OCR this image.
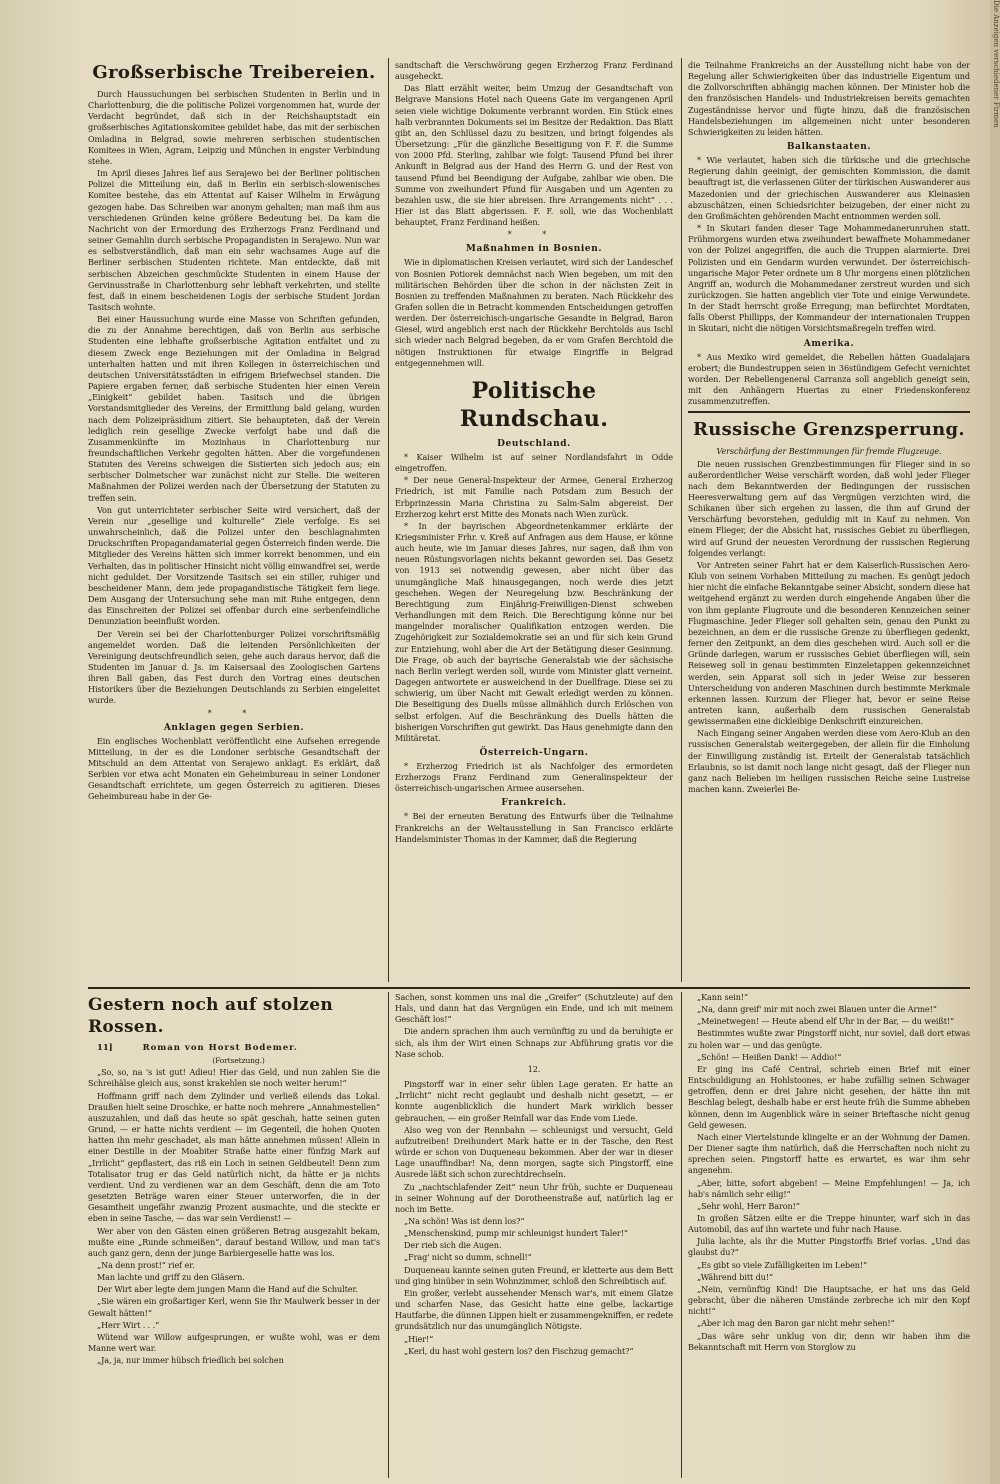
Großserbische Treibereien.

Durch Haussuchungen bei serbischen Studenten in Berlin und in Charlottenburg, die die politische Polizei vorgenommen hat, wurde der Verdacht begründet, daß sich in der Reichshauptstadt ein großserbisches Agitationskomitee gebildet habe, das mit der serbischen Omladina in Belgrad, sowie mehreren serbischen studentischen Komitees in Wien, Agram, Leipzig und München in engster Verbindung stehe.

Im April dieses Jahres lief aus Serajewo bei der Berliner politischen Polizei die Mitteilung ein, daß in Berlin ein serbisch-slowenisches Komitee bestehe, das ein Attentat auf Kaiser Wilhelm in Erwägung gezogen habe. Das Schreiben war anonym gehalten; man maß ihm aus verschiedenen Gründen keine größere Bedeutung bei. Da kam die Nachricht von der Ermordung des Erzherzogs Franz Ferdinand und seiner Gemahlin durch serbische Propagandisten in Serajewo. Nun war es selbstverständlich, daß man ein sehr wachsames Auge auf die Berliner serbischen Studenten richtete. Man entdeckte, daß mit serbischen Abzeichen geschmückte Studenten in einem Hause der Gervinusstraße in Charlottenburg sehr lebhaft verkehrten, und stellte fest, daß in einem bescheidenen Logis der serbische Student Jordan Tasitsch wohnte.

Bei einer Haussuchung wurde eine Masse von Schriften gefunden, die zu der Annahme berechtigen, daß von Berlin aus serbische Studenten eine lebhafte großserbische Agitation entfaltet und zu diesem Zweck enge Beziehungen mit der Omladina in Belgrad unterhalten hatten und mit ihren Kollegen in österreichischen und deutschen Universitätsstädten in eifrigem Briefwechsel standen. Die Papiere ergaben ferner, daß serbische Studenten hier einen Verein „Einigkeit“ gebildet haben. Tasitsch und die übrigen Vorstandsmitglieder des Vereins, der Ermittlung bald gelang, wurden nach dem Polizeipräsidium zitiert. Sie behaupteten, daß der Verein lediglich rein gesellige Zwecke verfolgt habe und daß die Zusammenkünfte im Mozinhaus in Charlottenburg nur freundschaftlichen Verkehr gegolten hätten. Aber die vorgefundenen Statuten des Vereins schweigen die Sistierten sich jedoch aus; ein serbischer Dolmetscher war zunächst nicht zur Stelle. Die weiteren Maßnahmen der Polizei werden nach der Übersetzung der Statuten zu treffen sein.

Von gut unterrichteter serbischer Seite wird versichert, daß der Verein nur „gesellige und kulturelle“ Ziele verfolge. Es sei unwahrscheinlich, daß die Polizei unter den beschlagnahmten Druckschriften Propagandamaterial gegen Österreich finden werde. Die Mitglieder des Vereins hätten sich immer korrekt benommen, und ein Verhalten, das in politischer Hinsicht nicht völlig einwandfrei sei, werde nicht geduldet. Der Vorsitzende Tasitsch sei ein stiller, ruhiger und bescheidener Mann, dem jede propagandistische Tätigkeit fern liege. Dem Ausgang der Untersuchung sehe man mit Ruhe entgegen, denn das Einschreiten der Polizei sei offenbar durch eine serbenfeindliche Denunziation beeinflußt worden.

Der Verein sei bei der Charlottenburger Polizei vorschriftsmäßig angemeldet worden. Daß die leitenden Persönlichkeiten der Vereinigung deutschfreundlich seien, gehe auch daraus hervor, daß die Studenten im Januar d. Js. im Kaisersaal des Zoologischen Gartens ihren Ball gaben, das Fest durch den Vortrag eines deutschen Historikers über die Beziehungen Deutschlands zu Serbien eingeleitet wurde.

* *
Anklagen gegen Serbien.

Ein englisches Wochenblatt veröffentlicht eine Aufsehen erregende Mitteilung, in der es die Londoner serbische Gesandtschaft der Mitschuld an dem Attentat von Serajewo anklagt. Es erklärt, daß Serbien vor etwa acht Monaten ein Geheimbureau in seiner Londoner Gesandtschaft errichtete, um gegen Österreich zu agitieren. Dieses Geheimbureau habe in der Ge-

sandtschaft die Verschwörung gegen Erzherzog Franz Ferdinand ausgeheckt.

Das Blatt erzählt weiter, beim Umzug der Gesandtschaft von Belgrave Mansions Hotel nach Queens Gate im vergangenen April seien viele wichtige Dokumente verbrannt worden. Ein Stück eines halb verbrannten Dokuments sei im Besitze der Redaktion. Das Blatt gibt an, den Schlüssel dazu zu besitzen, und bringt folgendes als Übersetzung: „Für die gänzliche Beseitigung von F. F. die Summe von 2000 Pfd. Sterling, zahlbar wie folgt: Tausend Pfund bei ihrer Ankunft in Belgrad aus der Hand des Herrn G. und der Rest von tausend Pfund bei Beendigung der Aufgabe, zahlbar wie oben. Die Summe von zweihundert Pfund für Ausgaben und um Agenten zu bezahlen usw., die sie hier abreisen. Ihre Arrangements nicht“ . . . Hier ist das Blatt abgerissen. F. F. soll, wie das Wochenblatt behauptet, Franz Ferdinand heißen.

* *
Maßnahmen in Bosnien.

Wie in diplomatischen Kreisen verlautet, wird sich der Landeschef von Bosnien Potiorek demnächst nach Wien begeben, um mit den militärischen Behörden über die schon in der nächsten Zeit in Bosnien zu treffenden Maßnahmen zu beraten. Nach Rückkehr des Grafen sollen die in Betracht kommenden Entscheidungen getroffen werden. Der österreichisch-ungarische Gesandte in Belgrad, Baron Giesel, wird angeblich erst nach der Rückkehr Berchtolds aus Ischl sich wieder nach Belgrad begeben, da er vom Grafen Berchtold die nötigen Instruktionen für etwaige Eingriffe in Belgrad entgegennehmen will.

Politische Rundschau.
Deutschland.

* Kaiser Wilhelm ist auf seiner Nordlandsfahrt in Odde eingetroffen.

* Der neue General-Inspekteur der Armee, General Erzherzog Friedrich, ist mit Familie nach Potsdam zum Besuch der Erbprinzessin Maria Christina zu Salm-Salm abgereist. Der Erzherzog kehrt erst Mitte des Monats nach Wien zurück.

* In der bayrischen Abgeordnetenkammer erklärte der Kriegsminister Frhr. v. Kreß auf Anfragen aus dem Hause, er könne auch heute, wie im Januar dieses Jahres, nur sagen, daß ihm von neuen Rüstungsvorlagen nichts bekannt geworden sei. Das Gesetz von 1913 sei notwendig gewesen, aber nicht über das unumgängliche Maß hinausgegangen, noch werde dies jetzt geschehen. Wegen der Neuregelung bzw. Beschränkung der Berechtigung zum Einjährig-Freiwilligen-Dienst schweben Verhandlungen mit dem Reich. Die Berechtigung könne nur bei mangelnder moralischer Qualifikation entzogen werden. Die Zugehörigkeit zur Sozialdemokratie sei an und für sich kein Grund zur Entziehung, wohl aber die Art der Betätigung dieser Gesinnung. Die Frage, ob auch der bayrische Generalstab wie der sächsische nach Berlin verlegt werden soll, wurde vom Minister glatt verneint. Dagegen antwortete er ausweichend in der Duellfrage. Diese sei zu schwierig, um über Nacht mit Gewalt erledigt werden zu können. Die Beseitigung des Duells müsse allmählich durch Erlöschen von selbst erfolgen. Auf die Beschränkung des Duells hätten die bisherigen Vorschriften gut gewirkt. Das Haus genehmigte dann den Militäretat.

Österreich-Ungarn.

* Erzherzog Friedrich ist als Nachfolger des ermordeten Erzherzogs Franz Ferdinand zum Generalinspekteur der österreichisch-ungarischen Armee ausersehen.

Frankreich.

* Bei der erneuten Beratung des Entwurfs über die Teilnahme Frankreichs an der Weltausstellung in San Francisco erklärte Handelsminister Thomas in der Kammer, daß die Regierung

die Teilnahme Frankreichs an der Ausstellung nicht habe von der Regelung aller Schwierigkeiten über das industrielle Eigentum und die Zollvorschriften abhängig machen können. Der Minister hob die den französischen Handels- und Industriekreisen bereits gemachten Zugeständnisse hervor und fügte hinzu, daß die französischen Handelsbeziehungen im allgemeinen nicht unter besonderen Schwierigkeiten zu leiden hätten.

Balkanstaaten.

* Wie verlautet, haben sich die türkische und die griechische Regierung dahin geeinigt, der gemischten Kommission, die damit beauftragt ist, die verlassenen Güter der türkischen Auswanderer aus Mazedonien und der griechischen Auswanderer aus Kleinasien abzuschätzen, einen Schiedsrichter beizugeben, der einer nicht zu den Großmächten gehörenden Macht entnommen werden soll.

* In Skutari fanden dieser Tage Mohammedanerunruhen statt. Frühmorgens wurden etwa zweihundert bewaffnete Mohammedaner von der Polizei angegriffen, die auch die Truppen alarmierte. Drei Polizisten und ein Gendarm wurden verwundet. Der österreichisch-ungarische Major Peter ordnete um 8 Uhr morgens einen plötzlichen Angriff an, wodurch die Mohammedaner zerstreut wurden und sich zurückzogen. Sie hatten angeblich vier Tote und einige Verwundete. In der Stadt herrscht große Erregung; man befürchtet Mordtaten, falls Oberst Phillipps, der Kommandeur der internationalen Truppen in Skutari, nicht die nötigen Vorsichtsmaßregeln treffen wird.

Amerika.

* Aus Mexiko wird gemeldet, die Rebellen hätten Guadalajara erobert; die Bundestruppen seien in 36stündigem Gefecht vernichtet worden. Der Rebellengeneral Carranza soll angeblich geneigt sein, mit den Anhängern Huertas zu einer Friedenskonferenz zusammenzutreffen.

Russische Grenzsperrung.

Verschärfung der Bestimmungen für fremde Flugzeuge.

Die neuen russischen Grenzbestimmungen für Flieger sind in so außerordentlicher Weise verschärft worden, daß wohl jeder Flieger nach dem Bekanntwerden der Bedingungen der russischen Heeresverwaltung gern auf das Vergnügen verzichten wird, die Schikanen über sich ergehen zu lassen, die ihm auf Grund der Verschärfung bevorstehen, geduldig mit in Kauf zu nehmen. Von einem Flieger, der die Absicht hat, russisches Gebiet zu überfliegen, wird auf Grund der neuesten Verordnung der russischen Regierung folgendes verlangt:

Vor Antreten seiner Fahrt hat er dem Kaiserlich-Russischen Aero-Klub von seinem Vorhaben Mitteilung zu machen. Es genügt jedoch hier nicht die einfache Bekanntgabe seiner Absicht, sondern diese hat weitgehend ergänzt zu werden durch eingehende Angaben über die von ihm geplante Flugroute und die besonderen Kennzeichen seiner Flugmaschine. Jeder Flieger soll gehalten sein, genau den Punkt zu bezeichnen, an dem er die russische Grenze zu überfliegen gedenkt, ferner den Zeitpunkt, an dem dies geschehen wird. Auch soll er die Gründe darlegen, warum er russisches Gebiet überfliegen will, sein Reiseweg soll in genau bestimmten Einzeletappen gekennzeichnet werden, sein Apparat soll sich in jeder Weise zur besseren Unterscheidung von anderen Maschinen durch bestimmte Merkmale erkennen lassen. Kurzum der Flieger hat, bevor er seine Reise antreten kann, außerhalb dem russischen Generalstab gewissermaßen eine dickleibige Denkschrift einzureichen.

Nach Eingang seiner Angaben werden diese vom Aero-Klub an den russischen Generalstab weitergegeben, der allein für die Einholung der Einwilligung zuständig ist. Erteilt der Generalstab tatsächlich Erlaubnis, so ist damit noch lange nicht gesagt, daß der Flieger nun ganz nach Belieben im heiligen russischen Reiche seine Lustreise machen kann. Zweierlei Be-

Gestern noch auf stolzen Rossen.

11]	Roman von Horst Bodemer.

(Fortsetzung.)

„So, so, na 's ist gut! Adieu! Hier das Geld, und nun zahlen Sie die Schreihälse gleich aus, sonst krakehlen sie noch weiter herum!“

Hoffmann griff nach dem Zylinder und verließ eilends das Lokal. Draußen hielt seine Droschke, er hatte noch mehrere „Annahmestellen“ auszuzahlen, und daß das heute so spät geschah, hatte seinen guten Grund, — er hatte nichts verdient — im Gegenteil, die hohen Quoten hatten ihn mehr geschadet, als man hätte annehmen müssen! Allein in einer Destille in der Moabiter Straße hatte einer fünfzig Mark auf „Irrlicht“ gepflastert, das riß ein Loch in seinen Geldbeutel! Denn zum Totalisator trug er das Geld natürlich nicht, da hätte er ja nichts verdient. Und zu verdienen war an dem Geschäft, denn die am Toto gesetzten Beträge waren einer Steuer unterworfen, die in der Gesamtheit ungefähr zwanzig Prozent ausmachte, und die steckte er eben in seine Tasche, — das war sein Verdienst! —

Wer aber von den Gästen einen größeren Betrag ausgezahlt bekam, mußte eine „Runde schmeißen“, darauf bestand Willow, und man tat's auch ganz gern, denn der junge Barbiergeselle hatte was los.

„Na denn prost!“ rief er.

Man lachte und griff zu den Gläsern.

Der Wirt aber legte dem jungen Mann die Hand auf die Schulter.

„Sie wären ein großartiger Kerl, wenn Sie Ihr Maulwerk besser in der Gewalt hätten!“

„Herr Wirt . . .“

Wütend war Willow aufgesprungen, er wußte wohl, was er dem Manne wert war.

„Ja, ja, nur immer hübsch friedlich bei solchen

Sachen, sonst kommen uns mal die „Greifer“ (Schutzleute) auf den Hals, und dann hat das Vergnügen ein Ende, und ich mit meinem Geschäft los!“

Die andern sprachen ihm auch vernünftig zu und da beruhigte er sich, als ihm der Wirt einen Schnaps zur Abführung gratis vor die Nase schob.

12.

Pingstorff war in einer sehr üblen Lage geraten. Er hatte an „Irrlicht“ nicht recht geglaubt und deshalb nicht gesetzt, — er konnte augenblicklich die hundert Mark wirklich besser gebrauchen, — ein großer Reinfall war das Ende vom Liede.

Also weg von der Rennbahn — schleunigst und versucht, Geld aufzutreiben! Dreihundert Mark hatte er in der Tasche, den Rest würde er schon von Duqueneau bekommen. Aber der war in dieser Lage unauffindbar! Na, denn morgen, sagte sich Pingstorff, eine Ausrede läßt sich schon zurechtdrechseln.

Zu „nachtschlafender Zeit“ neun Uhr früh, suchte er Duqueneau in seiner Wohnung auf der Dorotheenstraße auf, natürlich lag er noch im Bette.

„Na schön! Was ist denn los?“

„Menschenskind, pump mir schleunigst hundert Taler!“

Der rieb sich die Augen.

„Frag' nicht so dumm, schnell!“

Duqueneau kannte seinen guten Freund, er kletterte aus dem Bett und ging hinüber in sein Wohnzimmer, schloß den Schreibtisch auf.

Ein großer, verlebt aussehender Mensch war's, mit einem Glatze und scharfen Nase, das Gesicht hatte eine gelbe, lackartige Hautfarbe, die dünnen Lippen hielt er zusammengekniffen, er redete grundsätzlich nur das unumgänglich Nötigste.

„Hier!“

„Kerl, du hast wohl gestern los? den Fischzug gemacht?“

„Kann sein!“

„Na, dann greif' mir mit noch zwei Blauen unter die Arme!“

„Meinetwegen! — Heute abend elf Uhr in der Bar, — du weißt!“

Bestimmtes wußte zwar Pingstorff nicht, nur soviel, daß dort etwas zu holen war — und das genügte.

„Schön! — Heißen Dank! — Addio!“

Er ging ins Café Central, schrieb einen Brief mit einer Entschuldigung an Hohlstoones, er habe zufällig seinen Schwager getroffen, denn er drei Jahre nicht gesehen, der hätte ihn mit Beschlag belegt, deshalb habe er erst heute früh die Summe abheben können, denn im Augenblick wäre in seiner Brieftasche nicht genug Geld gewesen.

Nach einer Viertelstunde klingelte er an der Wohnung der Damen. Der Diener sagte ihm natürlich, daß die Herrschaften noch nicht zu sprechen seien. Pingstorff hatte es erwartet, es war ihm sehr angenehm.

„Aber, bitte, sofort abgeben! — Meine Empfehlungen! — Ja, ich hab's nämlich sehr eilig!“

„Sehr wohl, Herr Baron!“

In großen Sätzen eilte er die Treppe hinunter, warf sich in das Automobil, das auf ihn wartete und fuhr nach Hause.

Julia lachte, als ihr die Mutter Pingstorffs Brief vorlas. „Und das glaubst du?“

„Es gibt so viele Zufälligkeiten im Leben!“

„Während bitt du!“

„Nein, vernünftig Kind! Die Hauptsache, er hat uns das Geld gebracht, über die näheren Umstände zerbreche ich mir den Kopf nicht!“

„Aber ich mag den Baron gar nicht mehr sehen!“

„Das wäre sehr unklug von dir, denn wir haben ihm die Bekanntschaft mit Herrn von Storglow zu

Die Anzeigen verschiedener Firmen
